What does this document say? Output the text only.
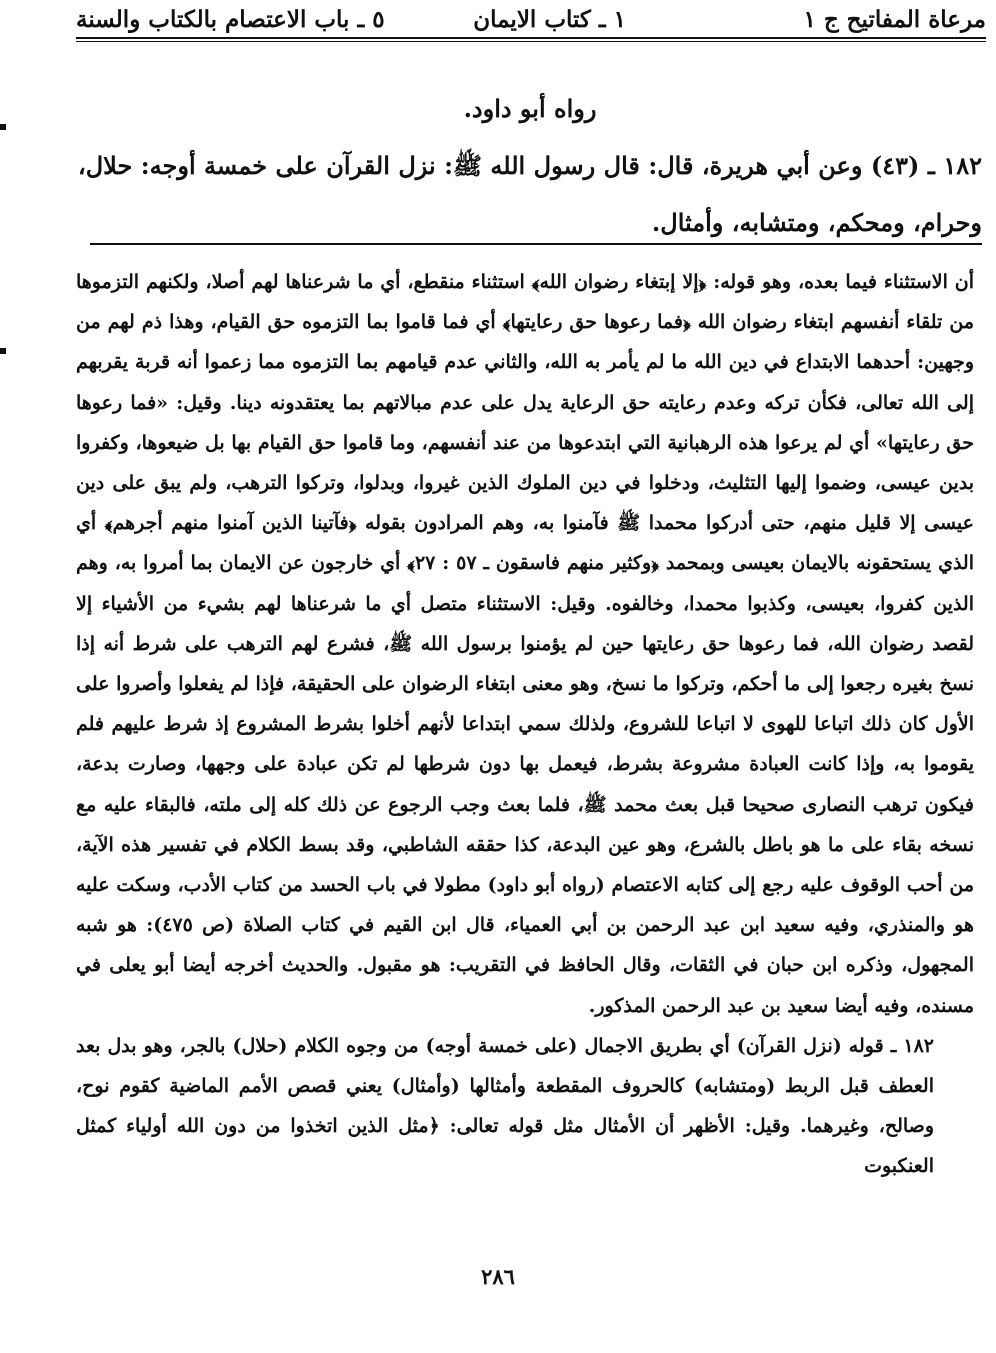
مرعاة المفاتيح ج ١
١ ـ كتاب الايمان
٥ ـ باب الاعتصام بالكتاب والسنة
رواه أبو داود.
١٨٢ ـ (٤٣) وعن أبي هريرة، قال: قال رسول الله ﷺ: نزل القرآن على خمسة أوجه: حلال، وحرام، ومحكم، ومتشابه، وأمثال.

أن الاستثناء فيما بعده، وهو قوله: ﴿إلا إبتغاء رضوان الله﴾ استثناء منقطع، أي ما شرعناها لهم أصلا، ولكنهم التزموها من تلقاء أنفسهم ابتغاء رضوان الله ﴿فما رعوها حق رعايتها﴾ أي فما قاموا بما التزموه حق القيام، وهذا ذم لهم من وجهين: أحدهما الابتداع في دين الله ما لم يأمر به الله، والثاني عدم قيامهم بما التزموه مما زعموا أنه قربة يقربهم إلى الله تعالى، فكأن تركه وعدم رعايته حق الرعاية يدل على عدم مبالاتهم بما يعتقدونه دينا. وقيل: «فما رعوها حق رعايتها» أي لم يرعوا هذه الرهبانية التي ابتدعوها من عند أنفسهم، وما قاموا حق القيام بها بل ضيعوها، وكفروا بدين عيسى، وضموا إليها التثليث، ودخلوا في دين الملوك الذين غيروا، وبدلوا، وتركوا الترهب، ولم يبق على دين عيسى إلا قليل منهم، حتى أدركوا محمدا ﷺ فآمنوا به، وهم المرادون بقوله ﴿فآتينا الذين آمنوا منهم أجرهم﴾ أي الذي يستحقونه بالايمان بعيسى وبمحمد ﴿وكثير منهم فاسقون ـ ٥٧ : ٢٧﴾ أي خارجون عن الايمان بما أمروا به، وهم الذين كفروا، بعيسى، وكذبوا محمدا، وخالفوه. وقيل: الاستثناء متصل أي ما شرعناها لهم بشيء من الأشياء إلا لقصد رضوان الله، فما رعوها حق رعايتها حين لم يؤمنوا برسول الله ﷺ، فشرع لهم الترهب على شرط أنه إذا نسخ بغيره رجعوا إلى ما أحكم، وتركوا ما نسخ، وهو معنى ابتغاء الرضوان على الحقيقة، فإذا لم يفعلوا وأصروا على الأول كان ذلك اتباعا للهوى لا اتباعا للشروع، ولذلك سمي ابتداعا لأنهم أخلوا بشرط المشروع إذ شرط عليهم فلم يقوموا به، وإذا كانت العبادة مشروعة بشرط، فيعمل بها دون شرطها لم تكن عبادة على وجهها، وصارت بدعة، فيكون ترهب النصارى صحيحا قبل بعث محمد ﷺ، فلما بعث وجب الرجوع عن ذلك كله إلى ملته، فالبقاء عليه مع نسخه بقاء على ما هو باطل بالشرع، وهو عين البدعة، كذا حققه الشاطبي، وقد بسط الكلام في تفسير هذه الآية، من أحب الوقوف عليه رجع إلى كتابه الاعتصام (رواه أبو داود) مطولا في باب الحسد من كتاب الأدب، وسكت عليه هو والمنذري، وفيه سعيد ابن عبد الرحمن بن أبي العمياء، قال ابن القيم في كتاب الصلاة (ص ٤٧٥): هو شبه المجهول، وذكره ابن حبان في الثقات، وقال الحافظ في التقريب: هو مقبول. والحديث أخرجه أيضا أبو يعلى في مسنده، وفيه أيضا سعيد بن عبد الرحمن المذكور.

١٨٢ ـ قوله (نزل القرآن) أي بطريق الاجمال (على خمسة أوجه) من وجوه الكلام (حلال) بالجر، وهو بدل بعد العطف قبل الربط (ومتشابه) كالحروف المقطعة وأمثالها (وأمثال) يعني قصص الأمم الماضية كقوم نوح، وصالح، وغيرهما. وقيل: الأظهر أن الأمثال مثل قوله تعالى: ﴿مثل الذين اتخذوا من دون الله أولياء كمثل العنكبوت

٢٨٦
